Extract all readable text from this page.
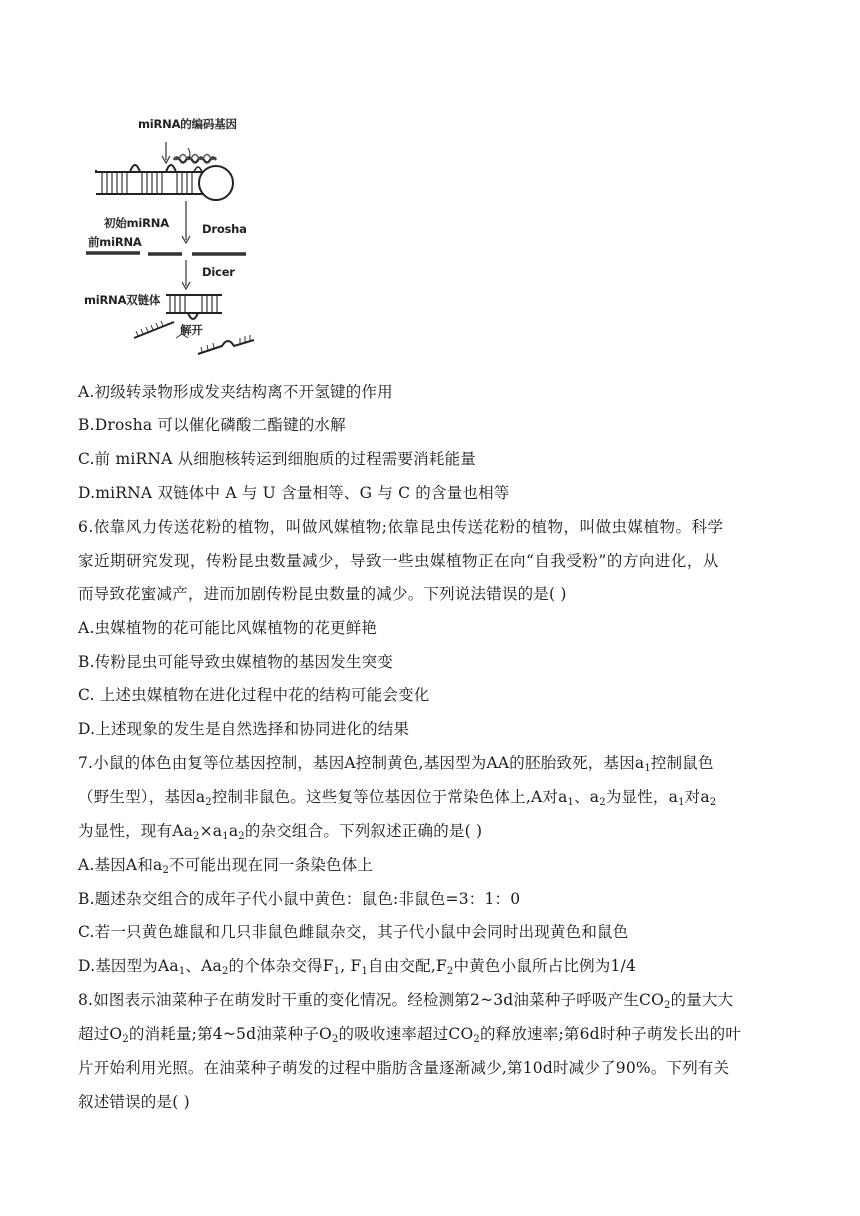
miRNA的编码基因
初始miRNA
前miRNA
Drosha
Dicer
miRNA双链体
解开
A.初级转录物形成发夹结构离不开氢键的作用
B.Drosha 可以催化磷酸二酯键的水解
C.前 miRNA 从细胞核转运到细胞质的过程需要消耗能量
D.miRNA 双链体中 A 与 U 含量相等、G 与 C 的含量也相等
6.依靠风力传送花粉的植物，叫做风媒植物;依靠昆虫传送花粉的植物，叫做虫媒植物。科学
家近期研究发现，传粉昆虫数量减少，导致一些虫媒植物正在向“自我受粉”的方向进化，从
而导致花蜜减产，进而加剧传粉昆虫数量的减少。下列说法错误的是( )
A.虫媒植物的花可能比风媒植物的花更鲜艳
B.传粉昆虫可能导致虫媒植物的基因发生突变
C. 上述虫媒植物在进化过程中花的结构可能会变化
D.上述现象的发生是自然选择和协同进化的结果
7.小鼠的体色由复等位基因控制，基因A控制黄色,基因型为AA的胚胎致死，基因$a_1$控制鼠色
（野生型），基因$a_2$控制非鼠色。这些复等位基因位于常染色体上,A对$a_1$、$a_2$为显性，$a_1$对$a_2$
为显性，现有$Aa_2\times a_1a_2$的杂交组合。下列叙述正确的是( )
A.基因A和$a_2$不可能出现在同一条染色体上
B.题述杂交组合的成年子代小鼠中黄色：鼠色:非鼠色=3：1：0
C.若一只黄色雄鼠和几只非鼠色雌鼠杂交，其子代小鼠中会同时出现黄色和鼠色
D.基因型为$Aa_1$、$Aa_2$的个体杂交得$F_1$, $F_1$自由交配$,F_2$中黄色小鼠所占比例为1/4
8.如图表示油菜种子在萌发时干重的变化情况。经检测第2~3d油菜种子呼吸产生$CO_2$的量大大
超过$O_2$的消耗量;第4~5d油菜种子$O_2$的吸收速率超过$CO_2$的释放速率;第6d时种子萌发长出的叶
片开始利用光照。在油菜种子萌发的过程中脂肪含量逐渐减少,第10d时减少了90%。下列有关
叙述错误的是( )
